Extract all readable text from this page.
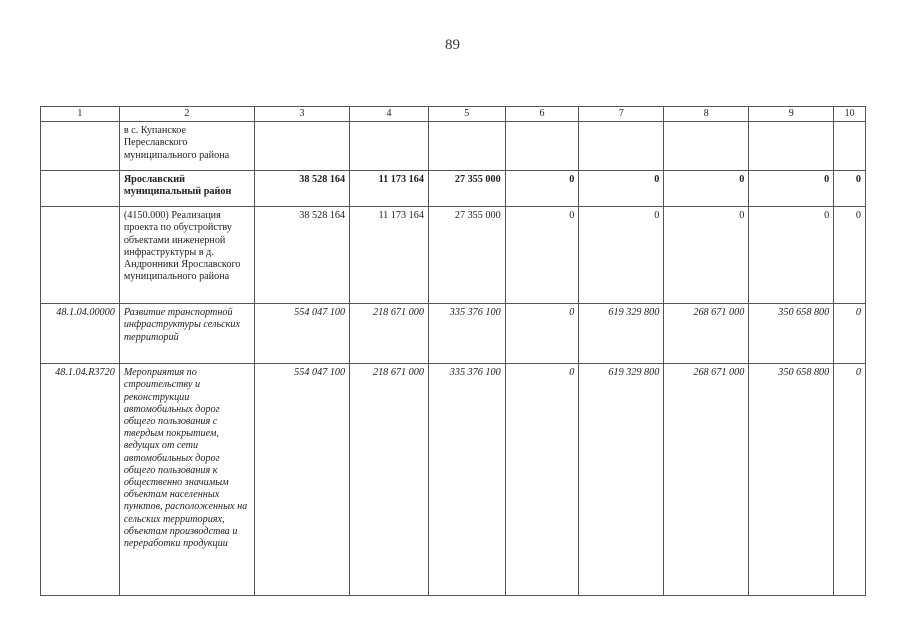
89
1	2	3	4	5	6	7	8	9	10
	в с. Купанское Переславского муниципального района								
	Ярославский муниципальный район	38 528 164	11 173 164	27 355 000	0	0	0	0	0
	(4150.000) Реализация проекта по обустройству объектами инженерной инфраструктуры в д. Андронники Ярославского муниципального района	38 528 164	11 173 164	27 355 000	0	0	0	0	0
48.1.04.00000	Развитие транспортной инфраструктуры сельских территорий	554 047 100	218 671 000	335 376 100	0	619 329 800	268 671 000	350 658 800	0
48.1.04.R3720	Мероприятия по строительству и реконструкции автомобильных дорог общего пользования с твердым покрытием, ведущих от сети автомобильных дорог общего пользования к общественно значимым объектам населенных пунктов, расположенных на сельских территориях, объектам производства и переработки продукции	554 047 100	218 671 000	335 376 100	0	619 329 800	268 671 000	350 658 800	0
